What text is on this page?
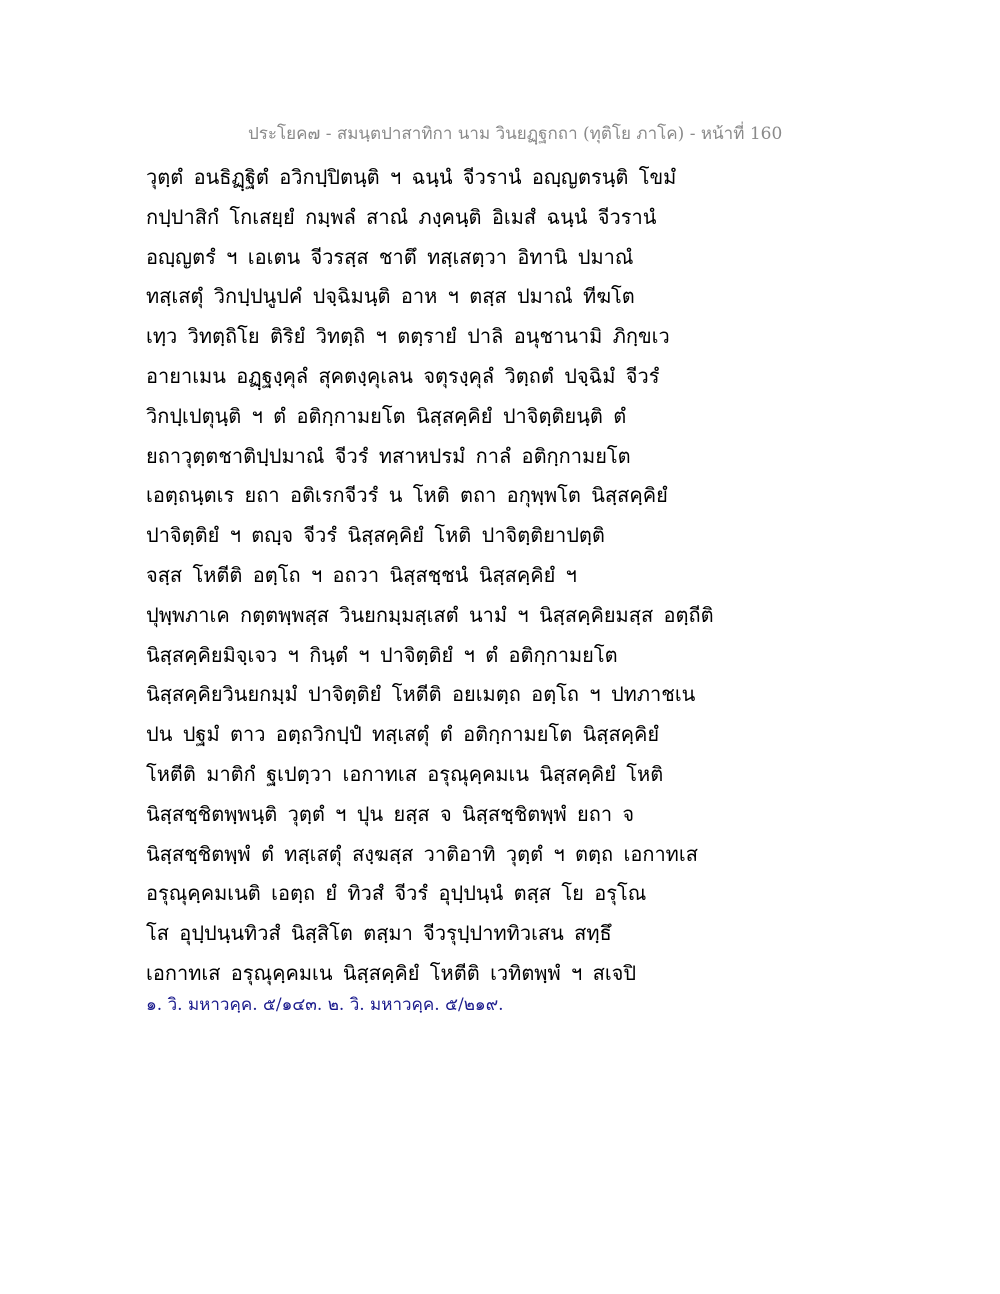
ประโยค๗ - สมนฺตปาสาทิกา นาม วินยฏฺฐกถา (ทุติโย ภาโค) - หน้าที่ 160
วุตฺตํ อนธิฏฺฐิตํ อวิกปฺปิตนฺติ ฯ ฉนฺนํ จีวรานํ อญฺญตรนฺติ โขมํ
กปฺปาสิกํ โกเสยฺยํ กมฺพลํ สาณํ ภงฺคนฺติ อิเมสํ ฉนฺนํ จีวรานํ
อญฺญตรํ ฯ เอเตน จีวรสฺส ชาตึ ทสฺเสตฺวา อิทานิ ปมาณํ
ทสฺเสตุํ วิกปฺปนูปคํ ปจฺฉิมนฺติ อาห ฯ ตสฺส ปมาณํ ทีฆโต
เทฺว วิทตฺถิโย ติริยํ วิทตฺถิ ฯ ตตฺรายํ ปาลิ อนุชานามิ ภิกฺขเว
อายาเมน อฏฺฐงฺคุลํ สุคตงฺคุเลน จตุรงฺคุลํ วิตฺถตํ ปจฺฉิมํ จีวรํ
วิกปฺเปตุนฺติ ฯ ตํ อติกฺกามยโต นิสฺสคฺคิยํ ปาจิตฺติยนฺติ ตํ
ยถาวุตฺตชาติปฺปมาณํ จีวรํ ทสาหปรมํ กาลํ อติกฺกามยโต
เอตฺถนฺตเร ยถา อติเรกจีวรํ น โหติ ตถา อกุพฺพโต นิสฺสคฺคิยํ
ปาจิตฺติยํ ฯ ตญฺจ จีวรํ นิสฺสคฺคิยํ โหติ ปาจิตฺติยาปตฺติ
จสฺส โหตีติ อตฺโถ ฯ อถวา นิสฺสชฺชนํ นิสฺสคฺคิยํ ฯ
ปุพฺพภาเค กตฺตพฺพสฺส วินยกมฺมสฺเสตํ นามํ ฯ นิสฺสคฺคิยมสฺส อตฺถีติ
นิสฺสคฺคิยมิจฺเจว ฯ กินฺตํ ฯ ปาจิตฺติยํ ฯ ตํ อติกฺกามยโต
นิสฺสคฺคิยวินยกมฺมํ ปาจิตฺติยํ โหตีติ อยเมตฺถ อตฺโถ ฯ ปทภาชเน
ปน ปฐมํ ตาว อตฺถวิกปฺปํ ทสฺเสตุํ ตํ อติกฺกามยโต นิสฺสคฺคิยํ
โหตีติ มาติกํ ฐเปตฺวา เอกาทเส อรุณุคฺคมเน นิสฺสคฺคิยํ โหติ
นิสฺสชฺชิตพฺพนฺติ วุตฺตํ ฯ ปุน ยสฺส จ นิสฺสชฺชิตพฺพํ ยถา จ
นิสฺสชฺชิตพฺพํ ตํ ทสฺเสตุํ สงฺฆสฺส วาติอาทิ วุตฺตํ ฯ ตตฺถ เอกาทเส
อรุณุคฺคมเนติ เอตฺถ ยํ ทิวสํ จีวรํ อุปฺปนฺนํ ตสฺส โย อรุโณ
โส อุปฺปนฺนทิวสํ นิสฺสิโต ตสฺมา จีวรุปฺปาททิวเสน สทฺธึ
เอกาทเส อรุณุคฺคมเน นิสฺสคฺคิยํ โหตีติ เวทิตพฺพํ ฯ สเจปิ
๑. วิ. มหาวคฺค. ๕/๑๔๓. ๒. วิ. มหาวคฺค. ๕/๒๑๙.
